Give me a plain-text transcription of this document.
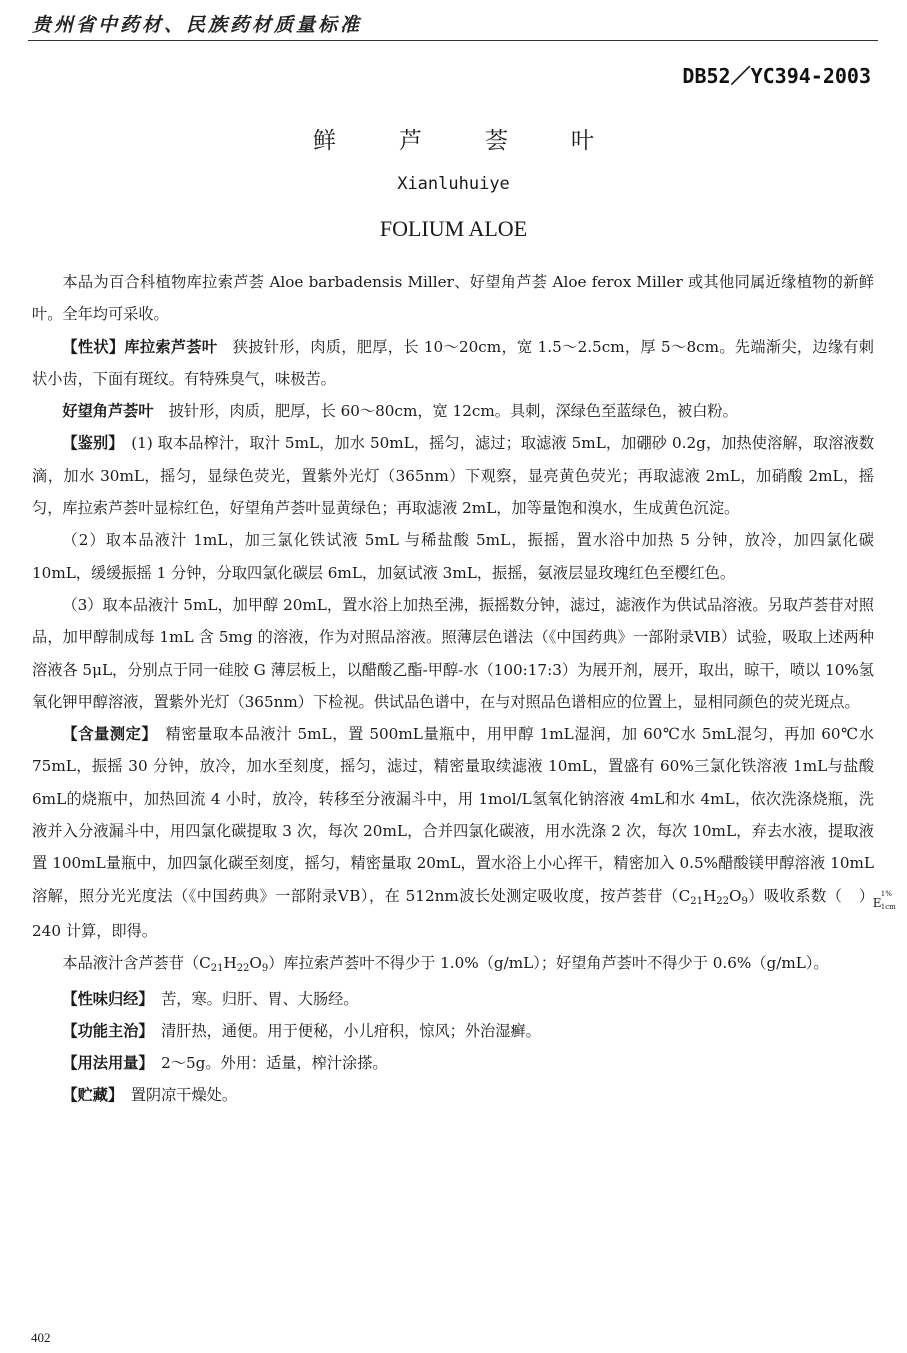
贵州省中药材、民族药材质量标准
DB52／YC394-2003
鲜　芦　荟　叶
Xianluhuiye
FOLIUM ALOE

本品为百合科植物库拉索芦荟 Aloe barbadensis Miller、好望角芦荟 Aloe ferox Miller 或其他同属近缘植物的新鲜叶。全年均可采收。

【性状】库拉索芦荟叶　狭披针形，肉质，肥厚，长 10～20cm，宽 1.5～2.5cm，厚 5～8cm。先端渐尖，边缘有刺状小齿，下面有斑纹。有特殊臭气，味极苦。

好望角芦荟叶　披针形，肉质，肥厚，长 60～80cm，宽 12cm。具刺，深绿色至蓝绿色，被白粉。

【鉴别】　(1) 取本品榨汁，取汁 5mL，加水 50mL，摇匀，滤过；取滤液 5mL，加硼砂 0.2g，加热使溶解，取溶液数滴，加水 30mL，摇匀，显绿色荧光，置紫外光灯（365nm）下观察，显亮黄色荧光；再取滤液 2mL，加硝酸 2mL，摇匀，库拉索芦荟叶显棕红色，好望角芦荟叶显黄绿色；再取滤液 2mL，加等量饱和溴水，生成黄色沉淀。

（2）取本品液汁 1mL，加三氯化铁试液 5mL 与稀盐酸 5mL，振摇，置水浴中加热 5 分钟，放冷，加四氯化碳 10mL，缓缓振摇 1 分钟，分取四氯化碳层 6mL，加氨试液 3mL，振摇，氨液层显玫瑰红色至樱红色。

（3）取本品液汁 5mL，加甲醇 20mL，置水浴上加热至沸，振摇数分钟，滤过，滤液作为供试品溶液。另取芦荟苷对照品，加甲醇制成每 1mL 含 5mg 的溶液，作为对照品溶液。照薄层色谱法（《中国药典》一部附录ⅥB）试验，吸取上述两种溶液各 5μL，分别点于同一硅胶 G 薄层板上，以醋酸乙酯-甲醇-水（100:17:3）为展开剂，展开，取出，晾干，喷以 10%氢氧化钾甲醇溶液，置紫外光灯（365nm）下检视。供试品色谱中，在与对照品色谱相应的位置上，显相同颜色的荧光斑点。

【含量测定】　精密量取本品液汁 5mL，置 500mL量瓶中，用甲醇 1mL湿润，加 60℃水 5mL混匀，再加 60℃水 75mL，振摇 30 分钟，放冷，加水至刻度，摇匀，滤过，精密量取续滤液 10mL，置盛有 60%三氯化铁溶液 1mL与盐酸 6mL的烧瓶中，加热回流 4 小时，放冷，转移至分液漏斗中，用 1mol/L氢氧化钠溶液 4mL和水 4mL，依次洗涤烧瓶，洗液并入分液漏斗中，用四氯化碳提取 3 次，每次 20mL，合并四氯化碳液，用水洗涤 2 次，每次 10mL，弃去水液，提取液置 100mL量瓶中，加四氯化碳至刻度，摇匀，精密量取 20mL，置水浴上小心挥干，精密加入 0.5%醋酸镁甲醇溶液 10mL溶解，照分光光度法（《中国药典》一部附录ⅤB），在 512nm波长处测定吸收度，按芦荟苷（C21H22O9）吸收系数（	E
1%
1cm
）240 计算，即得。

本品液汁含芦荟苷（C21H22O9）库拉索芦荟叶不得少于 1.0%（g/mL）；好望角芦荟叶不得少于 0.6%（g/mL）。

【性味归经】　苦，寒。归肝、胃、大肠经。

【功能主治】　清肝热，通便。用于便秘，小儿疳积，惊风；外治湿癣。

【用法用量】　2～5g。外用：适量，榨汁涂搽。

【贮藏】　置阴凉干燥处。

402
